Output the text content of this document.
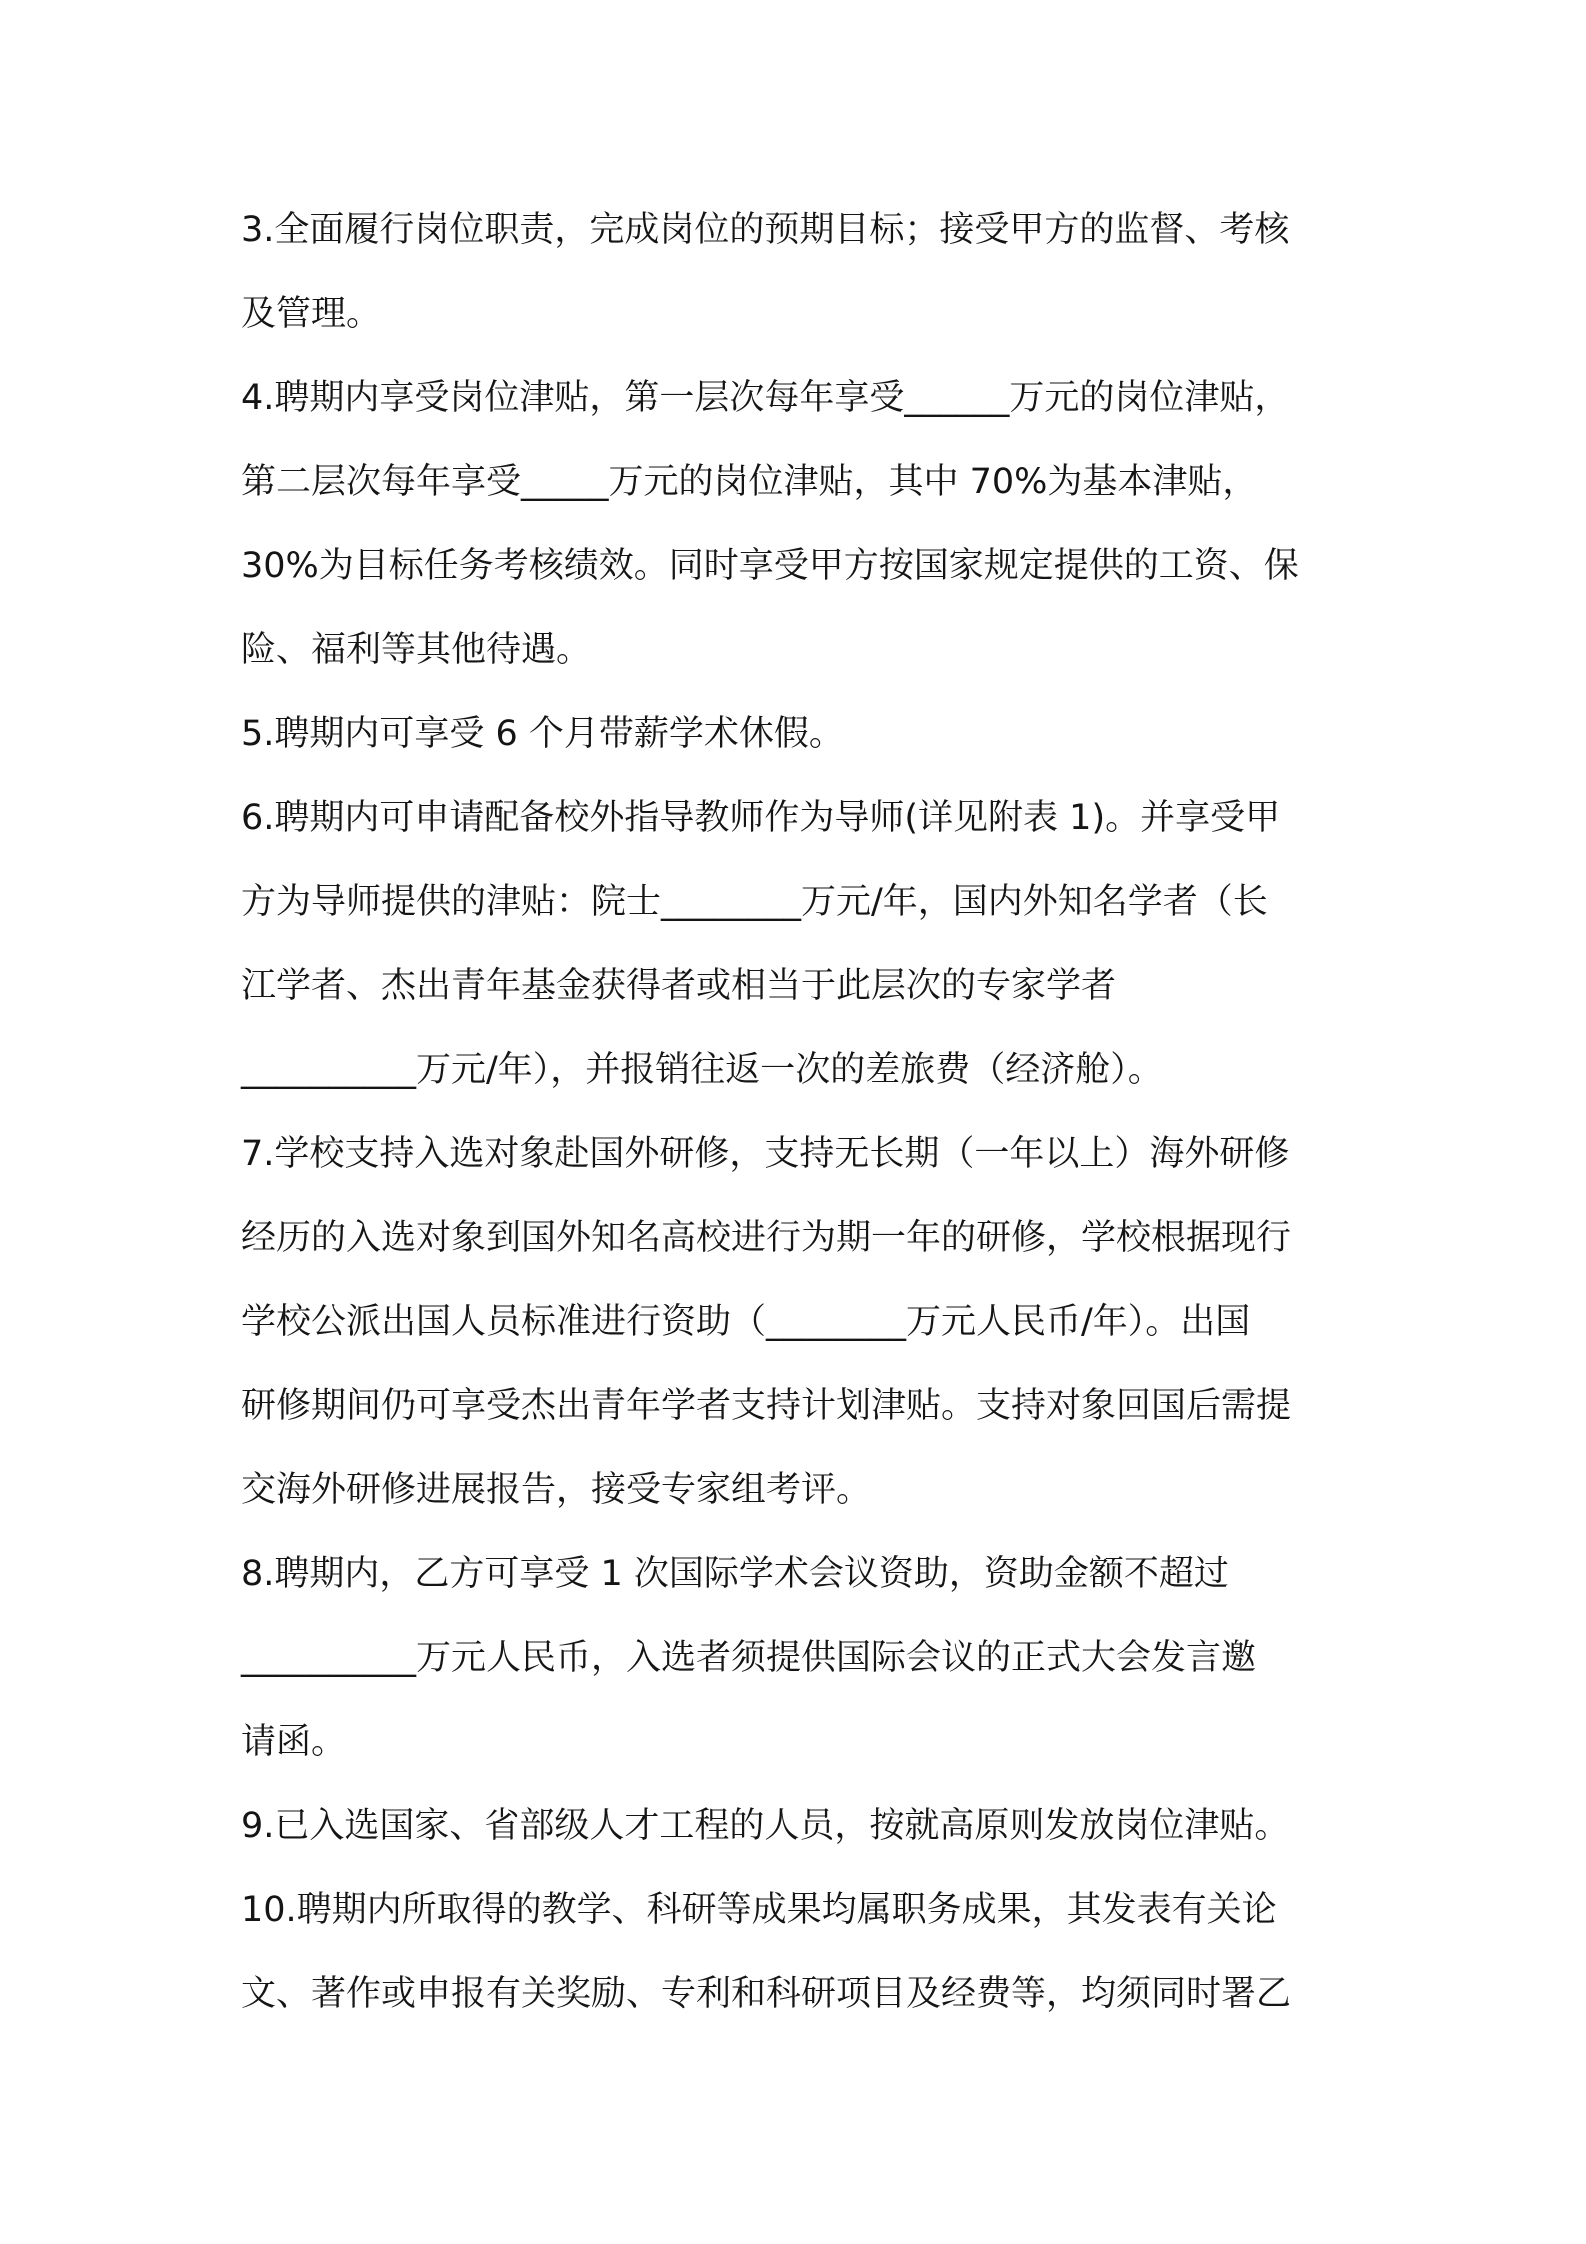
3.全面履行岗位职责，完成岗位的预期目标；接受甲方的监督、考核
及管理。
4.聘期内享受岗位津贴，第一层次每年享受______万元的岗位津贴，
第二层次每年享受_____万元的岗位津贴，其中 70%为基本津贴，
30%为目标任务考核绩效。同时享受甲方按国家规定提供的工资、保
险、福利等其他待遇。
5.聘期内可享受 6 个月带薪学术休假。
6.聘期内可申请配备校外指导教师作为导师(详见附表 1)。并享受甲
方为导师提供的津贴：院士________万元/年，国内外知名学者（长
江学者、杰出青年基金获得者或相当于此层次的专家学者
__________万元/年），并报销往返一次的差旅费（经济舱）。
7.学校支持入选对象赴国外研修，支持无长期（一年以上）海外研修
经历的入选对象到国外知名高校进行为期一年的研修，学校根据现行
学校公派出国人员标准进行资助（________万元人民币/年）。出国
研修期间仍可享受杰出青年学者支持计划津贴。支持对象回国后需提
交海外研修进展报告，接受专家组考评。
8.聘期内，乙方可享受 1 次国际学术会议资助，资助金额不超过
__________万元人民币，入选者须提供国际会议的正式大会发言邀
请函。
9.已入选国家、省部级人才工程的人员，按就高原则发放岗位津贴。
10.聘期内所取得的教学、科研等成果均属职务成果，其发表有关论
文、著作或申报有关奖励、专利和科研项目及经费等，均须同时署乙
